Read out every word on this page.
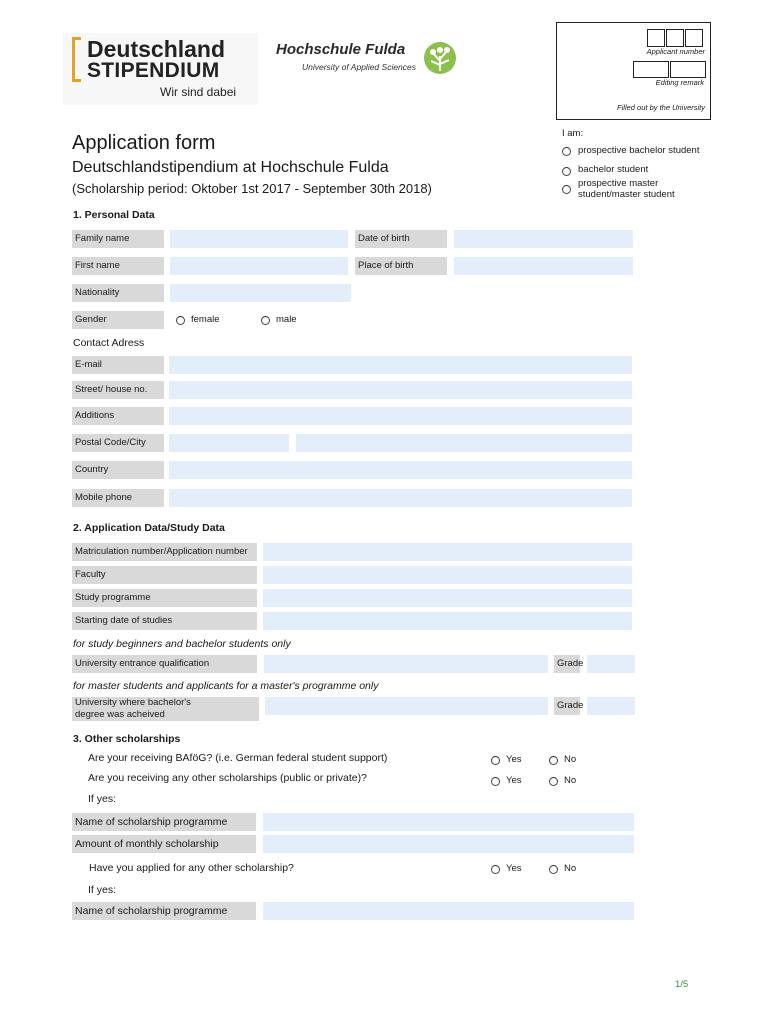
Deutschland
STIPENDIUM
Wir sind dabei
Hochschule Fulda
University of Applied Sciences
Applicant number
Editing remark
Filled out by the University
Application form
Deutschlandstipendium at Hochschule Fulda
(Scholarship period: Oktober 1st 2017 - September 30th 2018)
I am:
prospective bachelor student
bachelor student
prospective master
student/master student
1. Personal Data
Family name	Date of birth
First name	Place of birth
Nationality
Gender	female	male
Contact Adress
E-mail
Street/ house no.
Additions
Postal Code/City
Country
Mobile phone
2. Application Data/Study Data
Matriculation number/Application number
Faculty
Study programme
Starting date of studies
for study beginners and bachelor students only
University entrance qualification	Grade
for master students and applicants for a master's programme only
University where bachelor's
degree was acheived
Grade
3. Other scholarships
Are your receiving BAföG? (i.e. German federal student support)	Yes	No
Are you receiving any other scholarships (public or private)?	Yes	No
If yes:
Name of scholarship programme
Amount of monthly scholarship
Have you applied for any other scholarship?	Yes	No
If yes:
Name of scholarship programme
1/5
